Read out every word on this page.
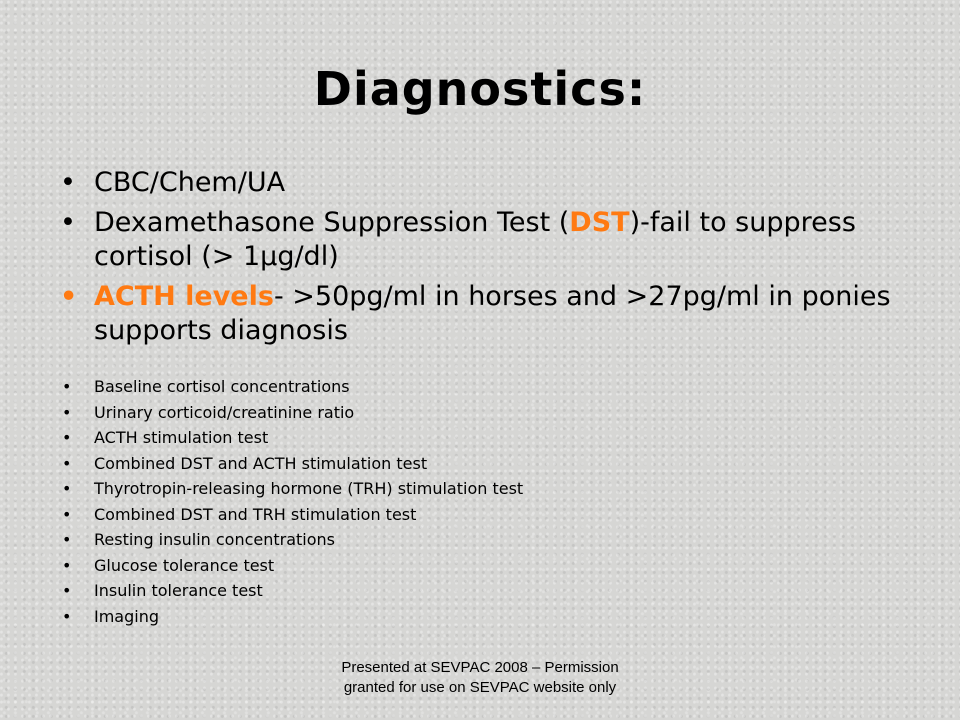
Diagnostics:
• CBC/Chem/UA
• Dexamethasone Suppression Test (DST)-fail to suppress cortisol (> 1µg/dl)
• ACTH levels- >50pg/ml in horses and >27pg/ml in ponies supports diagnosis
• Baseline cortisol concentrations
• Urinary corticoid/creatinine ratio
• ACTH stimulation test
• Combined DST and ACTH stimulation test
• Thyrotropin-releasing hormone (TRH) stimulation test
• Combined DST and TRH stimulation test
• Resting insulin concentrations
• Glucose tolerance test
• Insulin tolerance test
• Imaging
Presented at SEVPAC 2008 – Permission granted for use on SEVPAC website only
